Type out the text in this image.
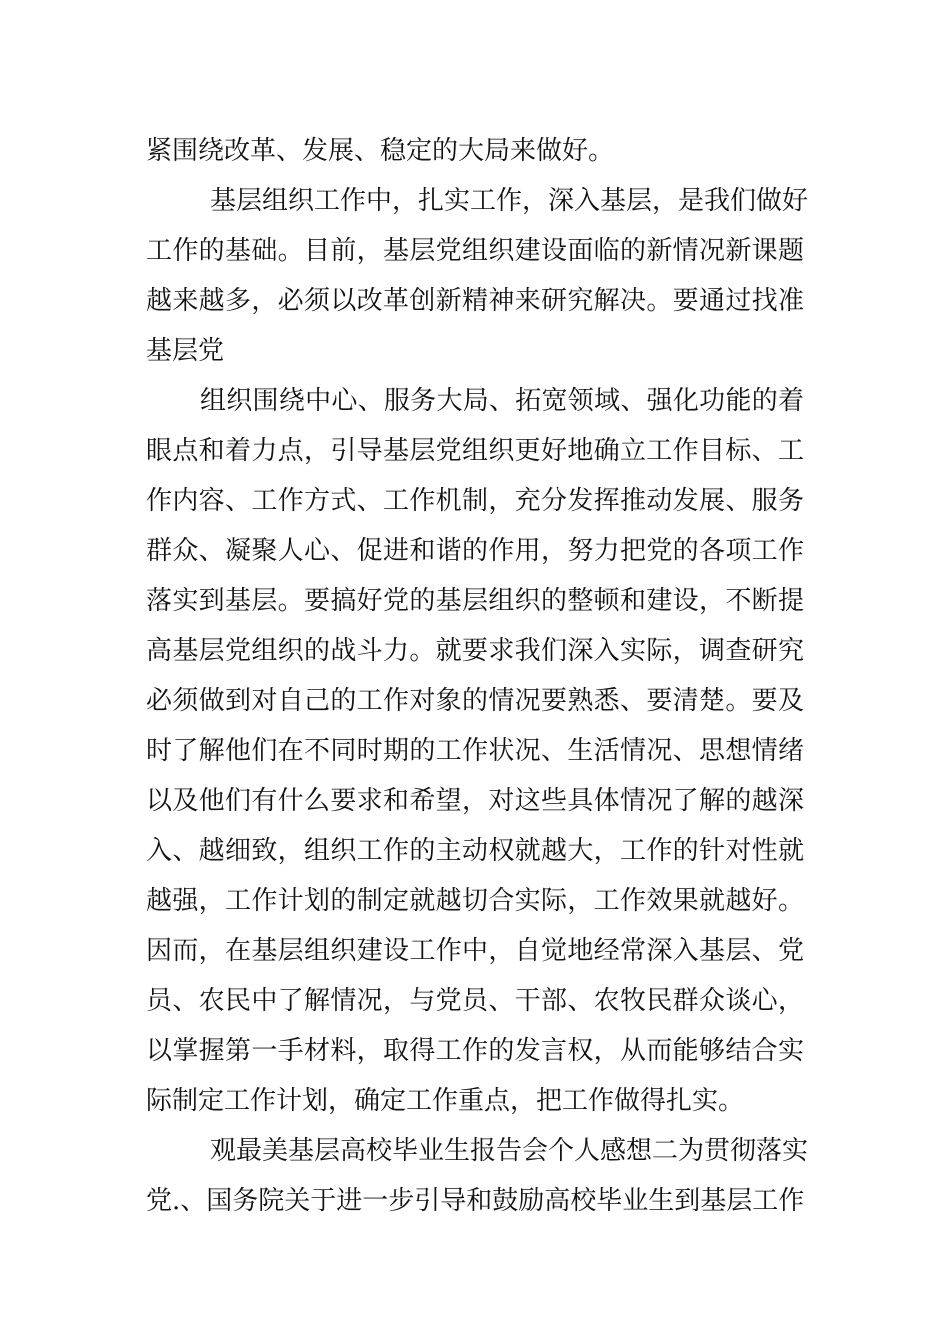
紧围绕改革、发展、稳定的大局来做好。
基层组织工作中，扎实工作，深入基层，是我们做好
工作的基础。目前，基层党组织建设面临的新情况新课题
越来越多，必须以改革创新精神来研究解决。要通过找准
基层党
组织围绕中心、服务大局、拓宽领域、强化功能的着
眼点和着力点，引导基层党组织更好地确立工作目标、工
作内容、工作方式、工作机制，充分发挥推动发展、服务
群众、凝聚人心、促进和谐的作用，努力把党的各项工作
落实到基层。要搞好党的基层组织的整顿和建设，不断提
高基层党组织的战斗力。就要求我们深入实际，调查研究
必须做到对自己的工作对象的情况要熟悉、要清楚。要及
时了解他们在不同时期的工作状况、生活情况、思想情绪
以及他们有什么要求和希望，对这些具体情况了解的越深
入、越细致，组织工作的主动权就越大，工作的针对性就
越强，工作计划的制定就越切合实际，工作效果就越好。
因而，在基层组织建设工作中，自觉地经常深入基层、党
员、农民中了解情况，与党员、干部、农牧民群众谈心，
以掌握第一手材料，取得工作的发言权，从而能够结合实
际制定工作计划，确定工作重点，把工作做得扎实。
观最美基层高校毕业生报告会个人感想二为贯彻落实
党.、国务院关于进一步引导和鼓励高校毕业生到基层工作
